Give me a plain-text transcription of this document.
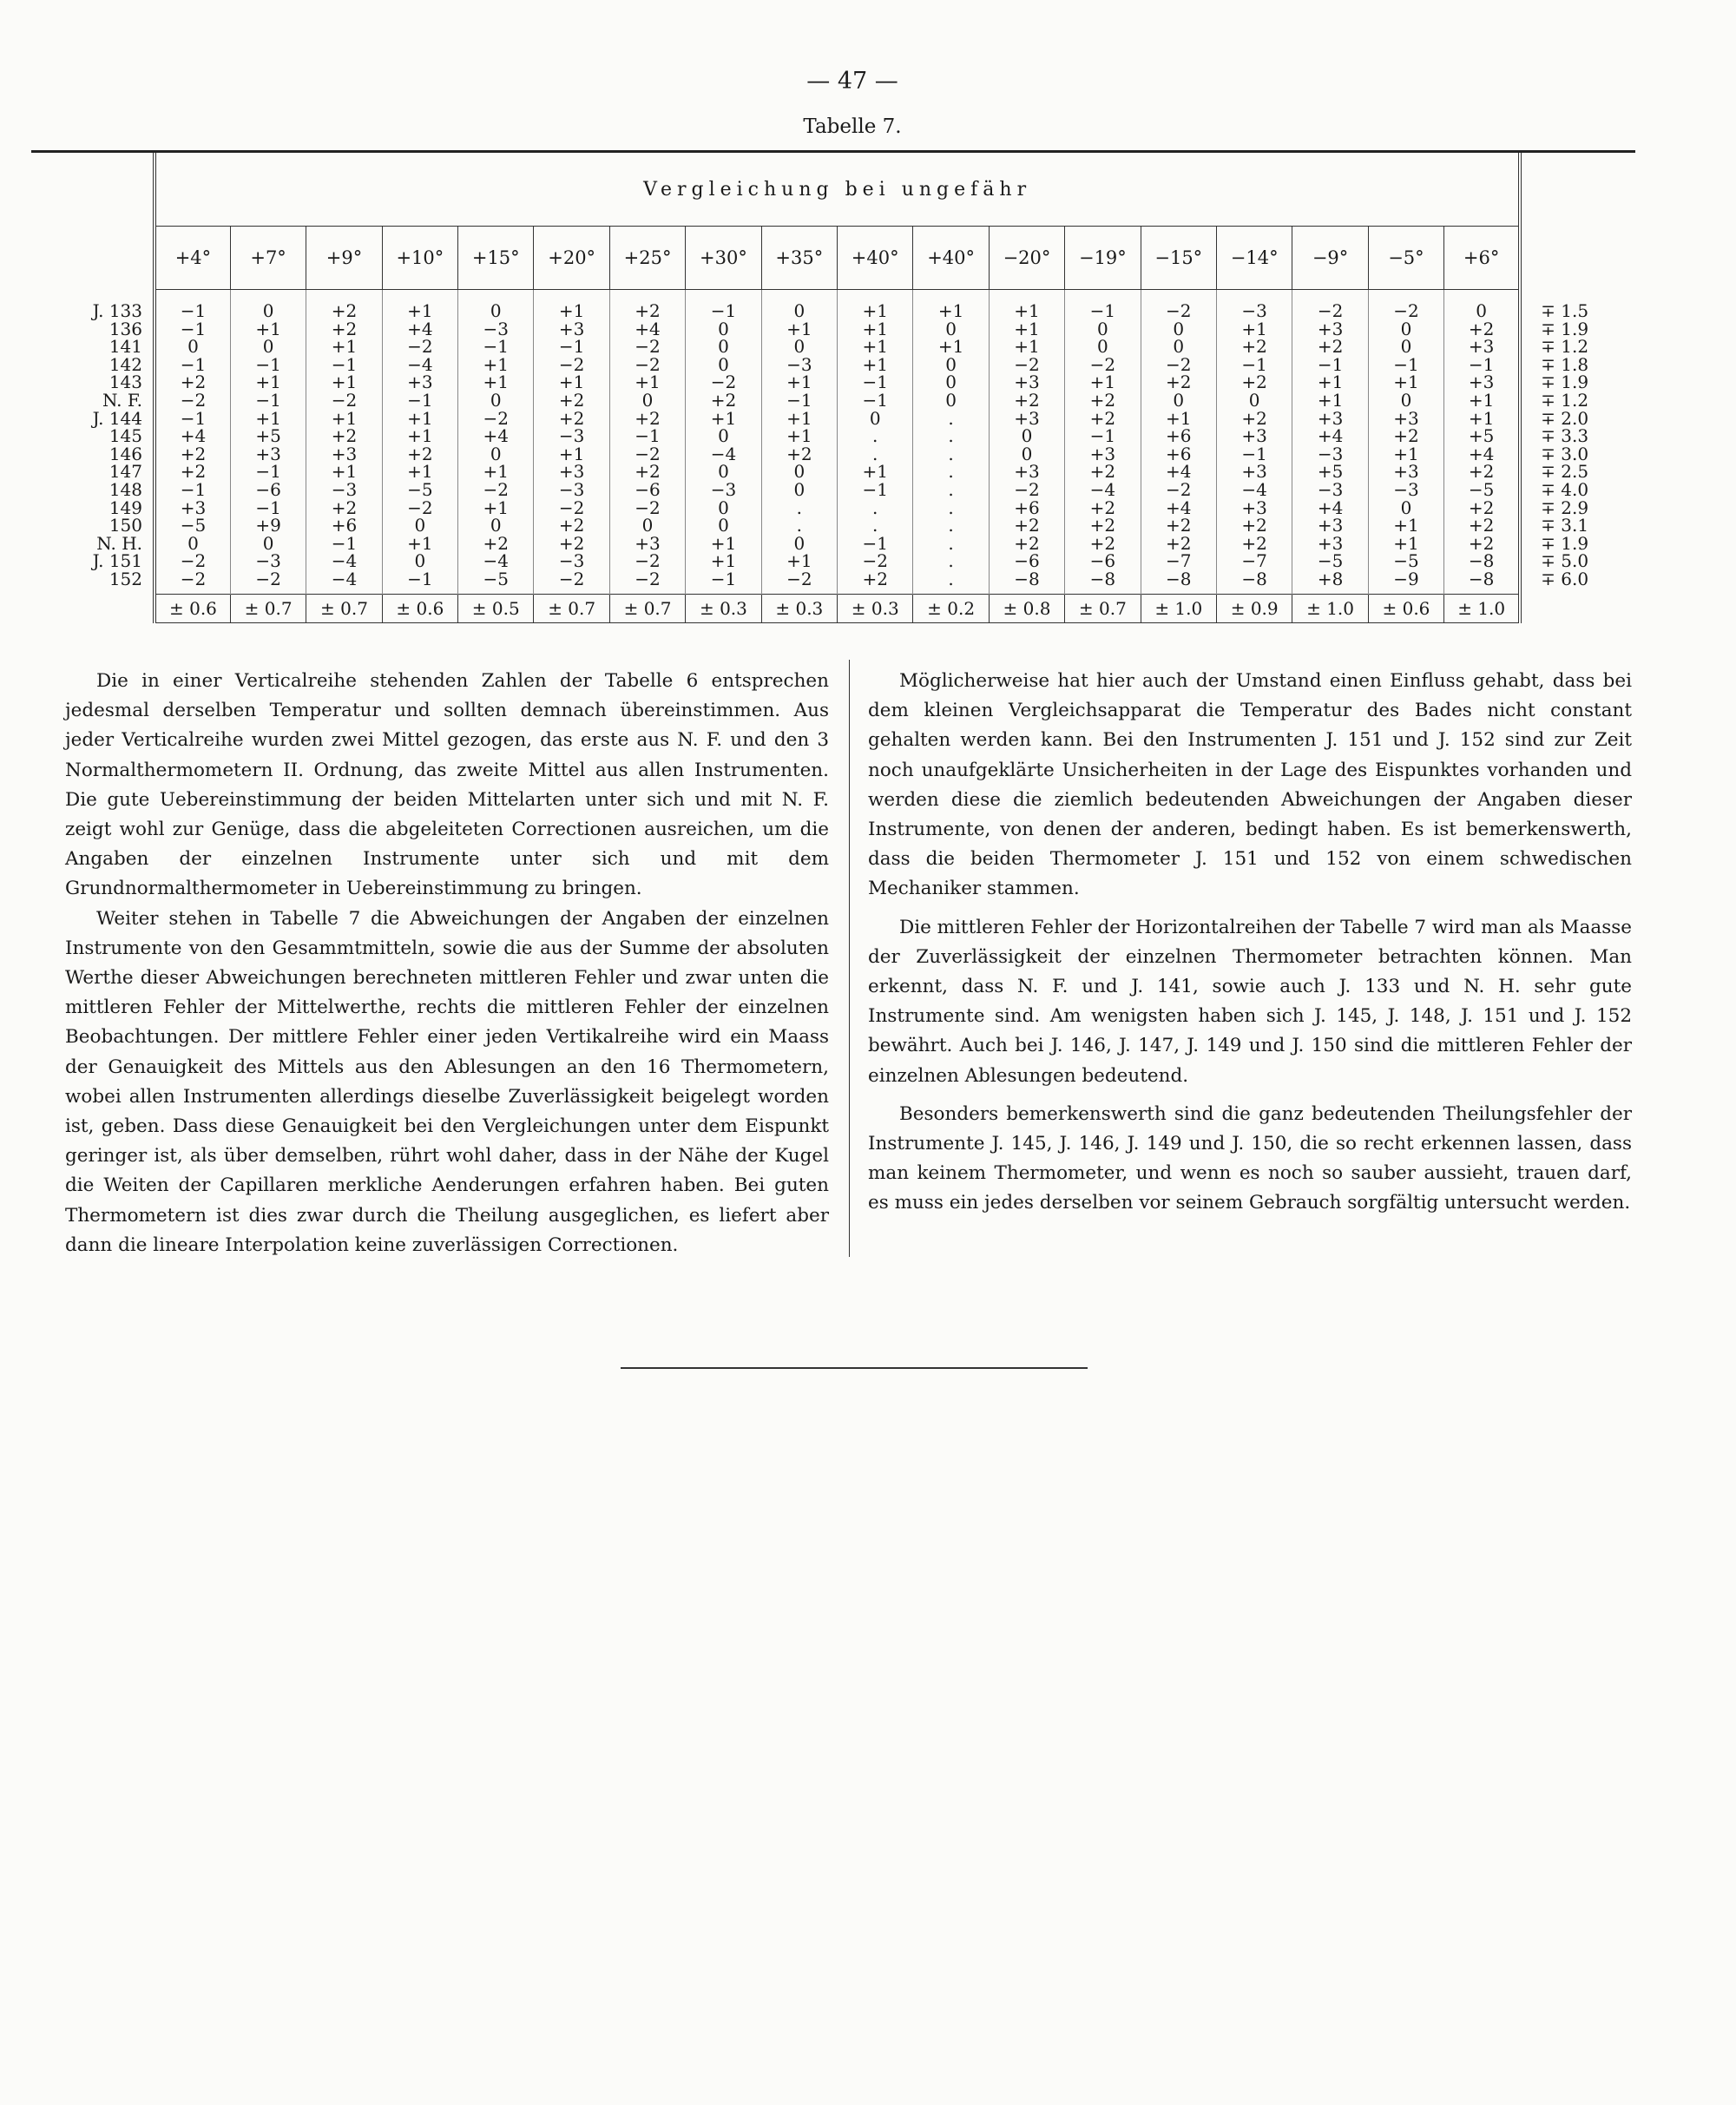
— 47 —
Tabelle 7.
	Vergleichung bei ungefähr																		
	+4°	+7°	+9°	+10°	+15°	+20°	+25°	+30°	+35°	+40°	+40°	−20°	−19°	−15°	−14°	−9°	−5°	+6°	
J. 133	−1	0	+2	+1	0	+1	+2	−1	0	+1	+1	+1	−1	−2	−3	−2	−2	0	∓ 1.5
136	−1	+1	+2	+4	−3	+3	+4	0	+1	+1	0	+1	0	0	+1	+3	0	+2	∓ 1.9
141	0	0	+1	−2	−1	−1	−2	0	0	+1	+1	+1	0	0	+2	+2	0	+3	∓ 1.2
142	−1	−1	−1	−4	+1	−2	−2	0	−3	+1	0	−2	−2	−2	−1	−1	−1	−1	∓ 1.8
143	+2	+1	+1	+3	+1	+1	+1	−2	+1	−1	0	+3	+1	+2	+2	+1	+1	+3	∓ 1.9
N. F.	−2	−1	−2	−1	0	+2	0	+2	−1	−1	0	+2	+2	0	0	+1	0	+1	∓ 1.2
J. 144	−1	+1	+1	+1	−2	+2	+2	+1	+1	0	.	+3	+2	+1	+2	+3	+3	+1	∓ 2.0
145	+4	+5	+2	+1	+4	−3	−1	0	+1	.	.	0	−1	+6	+3	+4	+2	+5	∓ 3.3
146	+2	+3	+3	+2	0	+1	−2	−4	+2	.	.	0	+3	+6	−1	−3	+1	+4	∓ 3.0
147	+2	−1	+1	+1	+1	+3	+2	0	0	+1	.	+3	+2	+4	+3	+5	+3	+2	∓ 2.5
148	−1	−6	−3	−5	−2	−3	−6	−3	0	−1	.	−2	−4	−2	−4	−3	−3	−5	∓ 4.0
149	+3	−1	+2	−2	+1	−2	−2	0	.	.	.	+6	+2	+4	+3	+4	0	+2	∓ 2.9
150	−5	+9	+6	0	0	+2	0	0	.	.	.	+2	+2	+2	+2	+3	+1	+2	∓ 3.1
N. H.	0	0	−1	+1	+2	+2	+3	+1	0	−1	.	+2	+2	+2	+2	+3	+1	+2	∓ 1.9
J. 151	−2	−3	−4	0	−4	−3	−2	+1	+1	−2	.	−6	−6	−7	−7	−5	−5	−8	∓ 5.0
152	−2	−2	−4	−1	−5	−2	−2	−1	−2	+2	.	−8	−8	−8	−8	+8	−9	−8	∓ 6.0
	± 0.6	± 0.7	± 0.7	± 0.6	± 0.5	± 0.7	± 0.7	± 0.3	± 0.3	± 0.3	± 0.2	± 0.8	± 0.7	± 1.0	± 0.9	± 1.0	± 0.6	± 1.0	

Die in einer Verticalreihe stehenden Zahlen der Tabelle 6 entsprechen jedesmal derselben Temperatur und sollten demnach übereinstimmen. Aus jeder Verticalreihe wurden zwei Mittel gezogen, das erste aus N. F. und den 3 Normalthermometern II. Ordnung, das zweite Mittel aus allen Instrumenten. Die gute Uebereinstimmung der beiden Mittelarten unter sich und mit N. F. zeigt wohl zur Genüge, dass die abgeleiteten Correctionen ausreichen, um die Angaben der einzelnen Instrumente unter sich und mit dem Grundnormalthermometer in Uebereinstimmung zu bringen.

Weiter stehen in Tabelle 7 die Abweichungen der Angaben der einzelnen Instrumente von den Gesammtmitteln, sowie die aus der Summe der absoluten Werthe dieser Abweichungen berechneten mittleren Fehler und zwar unten die mittleren Fehler der Mittelwerthe, rechts die mittleren Fehler der einzelnen Beobachtungen. Der mittlere Fehler einer jeden Vertikalreihe wird ein Maass der Genauigkeit des Mittels aus den Ablesungen an den 16 Thermometern, wobei allen Instrumenten allerdings dieselbe Zuverlässigkeit beigelegt worden ist, geben. Dass diese Genauigkeit bei den Vergleichungen unter dem Eispunkt geringer ist, als über demselben, rührt wohl daher, dass in der Nähe der Kugel die Weiten der Capillaren merkliche Aenderungen erfahren haben. Bei guten Thermometern ist dies zwar durch die Theilung ausgeglichen, es liefert aber dann die lineare Interpolation keine zuverlässigen Correctionen.

Möglicherweise hat hier auch der Umstand einen Einfluss gehabt, dass bei dem kleinen Vergleichsapparat die Temperatur des Bades nicht constant gehalten werden kann. Bei den Instrumenten J. 151 und J. 152 sind zur Zeit noch unaufgeklärte Unsicherheiten in der Lage des Eispunktes vorhanden und werden diese die ziemlich bedeutenden Abweichungen der Angaben dieser Instrumente, von denen der anderen, bedingt haben. Es ist bemerkenswerth, dass die beiden Thermometer J. 151 und 152 von einem schwedischen Mechaniker stammen.

Die mittleren Fehler der Horizontalreihen der Tabelle 7 wird man als Maasse der Zuverlässigkeit der einzelnen Thermometer betrachten können. Man erkennt, dass N. F. und J. 141, sowie auch J. 133 und N. H. sehr gute Instrumente sind. Am wenigsten haben sich J. 145, J. 148, J. 151 und J. 152 bewährt. Auch bei J. 146, J. 147, J. 149 und J. 150 sind die mittleren Fehler der einzelnen Ablesungen bedeutend.

Besonders bemerkenswerth sind die ganz bedeutenden Theilungsfehler der Instrumente J. 145, J. 146, J. 149 und J. 150, die so recht erkennen lassen, dass man keinem Thermometer, und wenn es noch so sauber aussieht, trauen darf, es muss ein jedes derselben vor seinem Gebrauch sorgfältig untersucht werden.
